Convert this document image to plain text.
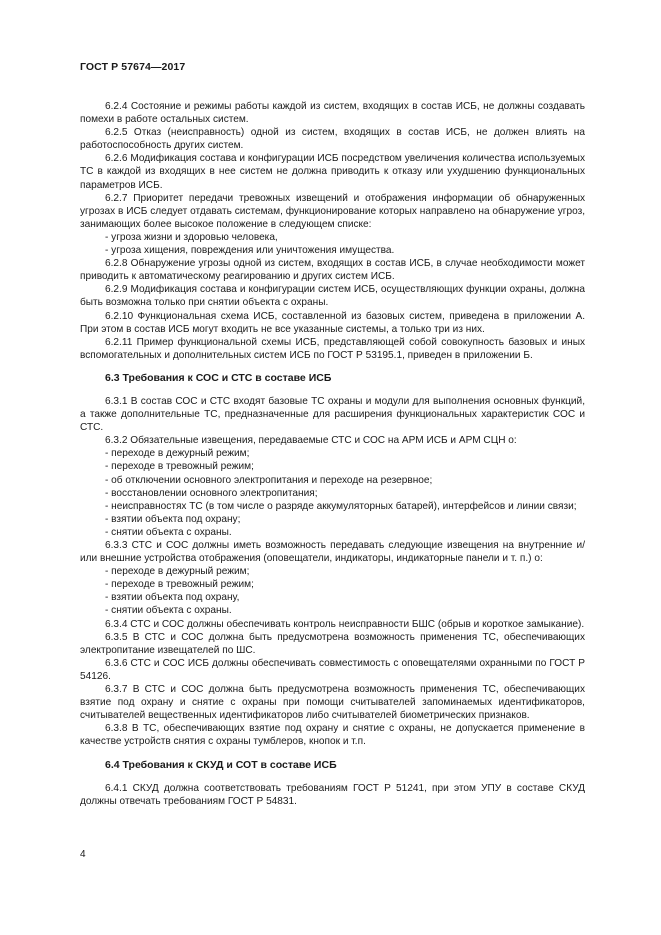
ГОСТ Р 57674—2017

6.2.4 Состояние и режимы работы каждой из систем, входящих в состав ИСБ, не должны создавать помехи в работе остальных систем.

6.2.5 Отказ (неисправность) одной из систем, входящих в состав ИСБ, не должен влиять на работоспособность других систем.

6.2.6 Модификация состава и конфигурации ИСБ посредством увеличения количества используемых ТС в каждой из входящих в нее систем не должна приводить к отказу или ухудшению функциональных параметров ИСБ.

6.2.7 Приоритет передачи тревожных извещений и отображения информации об обнаруженных угрозах в ИСБ следует отдавать системам, функционирование которых направлено на обнаружение угроз, занимающих более высокое положение в следующем списке:

- угроза жизни и здоровью человека,

- угроза хищения, повреждения или уничтожения имущества.

6.2.8 Обнаружение угрозы одной из систем, входящих в состав ИСБ, в случае необходимости может приводить к автоматическому реагированию и других систем ИСБ.

6.2.9 Модификация состава и конфигурации систем ИСБ, осуществляющих функции охраны, должна быть возможна только при снятии объекта с охраны.

6.2.10 Функциональная схема ИСБ, составленной из базовых систем, приведена в приложении А. При этом в состав ИСБ могут входить не все указанные системы, а только три из них.

6.2.11 Пример функциональной схемы ИСБ, представляющей собой совокупность базовых и иных вспомогательных и дополнительных систем ИСБ по ГОСТ Р 53195.1, приведен в приложении Б.

6.3 Требования к СОС и СТС в составе ИСБ

6.3.1 В состав СОС и СТС входят базовые ТС охраны и модули для выполнения основных функций, а также дополнительные ТС, предназначенные для расширения функциональных характеристик СОС и СТС.

6.3.2 Обязательные извещения, передаваемые СТС и СОС на АРМ ИСБ и АРМ СЦН о:

- переходе в дежурный режим;

- переходе в тревожный режим;

- об отключении основного электропитания и переходе на резервное;

- восстановлении основного электропитания;

- неисправностях ТС (в том числе о разряде аккумуляторных батарей), интерфейсов и линии связи;

- взятии объекта под охрану;

- снятии объекта с охраны.

6.3.3 СТС и СОС должны иметь возможность передавать следующие извещения на внутренние и/или внешние устройства отображения (оповещатели, индикаторы, индикаторные панели и т. п.) о:

- переходе в дежурный режим;

- переходе в тревожный режим;

- взятии объекта под охрану,

- снятии объекта с охраны.

6.3.4 СТС и СОС должны обеспечивать контроль неисправности БШС (обрыв и короткое замыкание).

6.3.5 В СТС и СОС должна быть предусмотрена возможность применения ТС, обеспечивающих электропитание извещателей по ШС.

6.3.6 СТС и СОС ИСБ должны обеспечивать совместимость с оповещателями охранными по ГОСТ Р 54126.

6.3.7 В СТС и СОС должна быть предусмотрена возможность применения ТС, обеспечивающих взятие под охрану и снятие с охраны при помощи считывателей запоминаемых идентификаторов, считывателей вещественных идентификаторов либо считывателей биометрических признаков.

6.3.8 В ТС, обеспечивающих взятие под охрану и снятие с охраны, не допускается применение в качестве устройств снятия с охраны тумблеров, кнопок и т.п.

6.4 Требования к СКУД и СОТ в составе ИСБ

6.4.1 СКУД должна соответствовать требованиям ГОСТ Р 51241, при этом УПУ в составе СКУД должны отвечать требованиям ГОСТ Р 54831.

4
